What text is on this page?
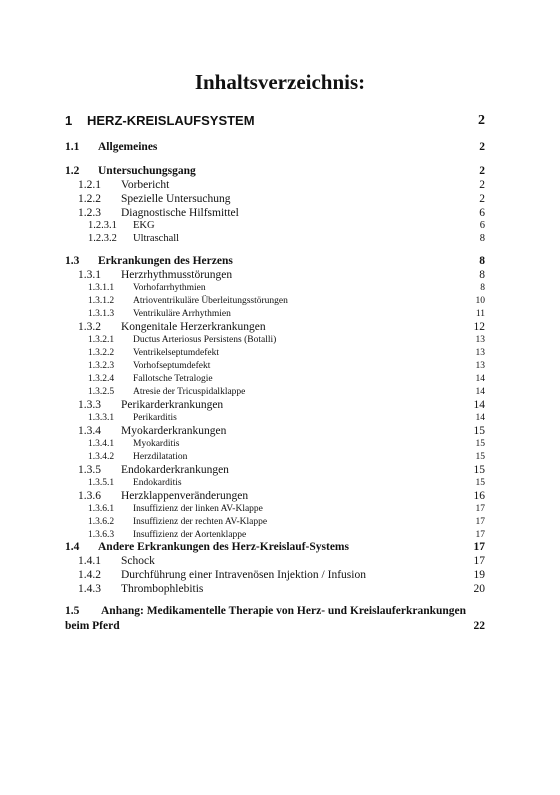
Inhaltsverzeichnis:
1 HERZ-KREISLAUFSYSTEM	2
1.1 Allgemeines	2
1.2 Untersuchungsgang	2
1.2.1 Vorbericht	2
1.2.2 Spezielle Untersuchung	2
1.2.3 Diagnostische Hilfsmittel	6
1.2.3.1 EKG	6
1.2.3.2 Ultraschall	8
1.3 Erkrankungen des Herzens	8
1.3.1 Herzrhythmusstörungen	8
1.3.1.1 Vorhofarrhythmien	8
1.3.1.2 Atrioventrikuläre Überleitungsstörungen	10
1.3.1.3 Ventrikuläre Arrhythmien	11
1.3.2 Kongenitale Herzerkrankungen	12
1.3.2.1 Ductus Arteriosus Persistens (Botalli)	13
1.3.2.2 Ventrikelseptumdefekt	13
1.3.2.3 Vorhofseptumdefekt	13
1.3.2.4 Fallotsche Tetralogie	14
1.3.2.5 Atresie der Tricuspidalklappe	14
1.3.3 Perikarderkrankungen	14
1.3.3.1 Perikarditis	14
1.3.4 Myokarderkrankungen	15
1.3.4.1 Myokarditis	15
1.3.4.2 Herzdilatation	15
1.3.5 Endokarderkrankungen	15
1.3.5.1 Endokarditis	15
1.3.6 Herzklappenveränderungen	16
1.3.6.1 Insuffizienz der linken AV-Klappe	17
1.3.6.2 Insuffizienz der rechten AV-Klappe	17
1.3.6.3 Insuffizienz der Aortenklappe	17
1.4 Andere Erkrankungen des Herz-Kreislauf-Systems	17
1.4.1 Schock	17
1.4.2 Durchführung einer Intravenösen Injektion / Infusion	19
1.4.3 Thrombophlebitis	20
1.5	Anhang: Medikamentelle Therapie von Herz- und Kreislauferkrankungen beim Pferd	22
